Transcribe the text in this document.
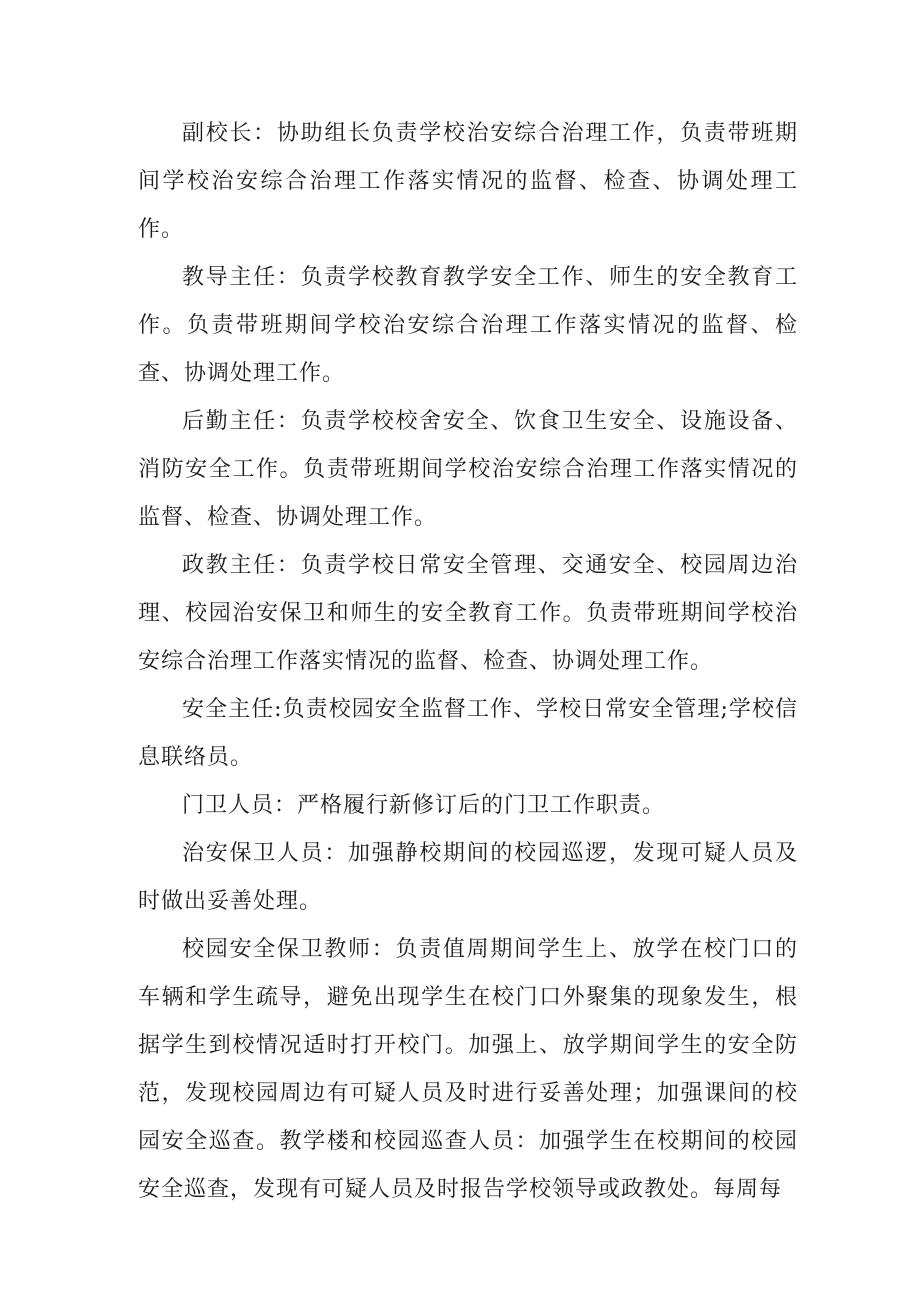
副校长：协助组长负责学校治安综合治理工作，负责带班期间学校治安综合治理工作落实情况的监督、检查、协调处理工作。

教导主任：负责学校教育教学安全工作、师生的安全教育工作。负责带班期间学校治安综合治理工作落实情况的监督、检查、协调处理工作。

后勤主任：负责学校校舍安全、饮食卫生安全、设施设备、消防安全工作。负责带班期间学校治安综合治理工作落实情况的监督、检查、协调处理工作。

政教主任：负责学校日常安全管理、交通安全、校园周边治理、校园治安保卫和师生的安全教育工作。负责带班期间学校治安综合治理工作落实情况的监督、检查、协调处理工作。

安全主任:负责校园安全监督工作、学校日常安全管理;学校信息联络员。

门卫人员：严格履行新修订后的门卫工作职责。

治安保卫人员：加强静校期间的校园巡逻，发现可疑人员及时做出妥善处理。

校园安全保卫教师：负责值周期间学生上、放学在校门口的车辆和学生疏导，避免出现学生在校门口外聚集的现象发生，根据学生到校情况适时打开校门。加强上、放学期间学生的安全防范，发现校园周边有可疑人员及时进行妥善处理；加强课间的校园安全巡查。教学楼和校园巡查人员：加强学生在校期间的校园安全巡查，发现有可疑人员及时报告学校领导或政教处。每周每
